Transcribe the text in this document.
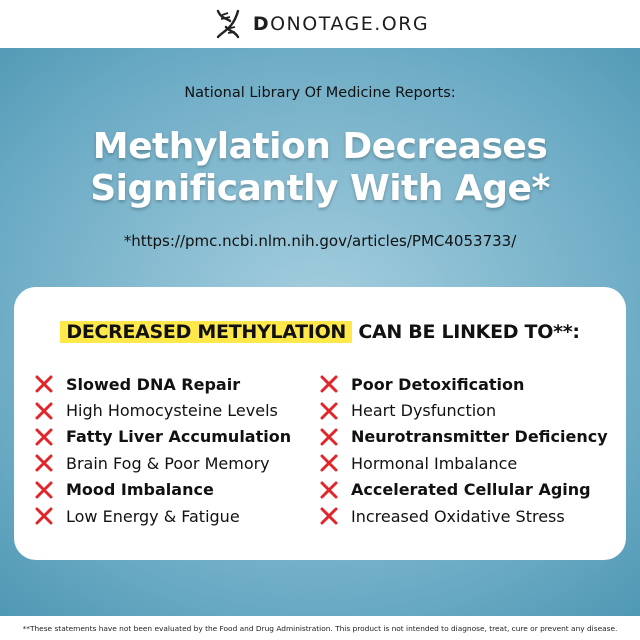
DONOTAGE.ORG
National Library Of Medicine Reports:
Methylation Decreases
Significantly With Age*
*https://pmc.ncbi.nlm.nih.gov/articles/PMC4053733/
DECREASED METHYLATION CAN BE LINKED TO**:
Slowed DNA Repair
High Homocysteine Levels
Fatty Liver Accumulation
Brain Fog & Poor Memory
Mood Imbalance
Low Energy & Fatigue
Poor Detoxification
Heart Dysfunction
Neurotransmitter Deficiency
Hormonal Imbalance
Accelerated Cellular Aging
Increased Oxidative Stress
**These statements have not been evaluated by the Food and Drug Administration. This product is not intended to diagnose, treat, cure or prevent any disease.
